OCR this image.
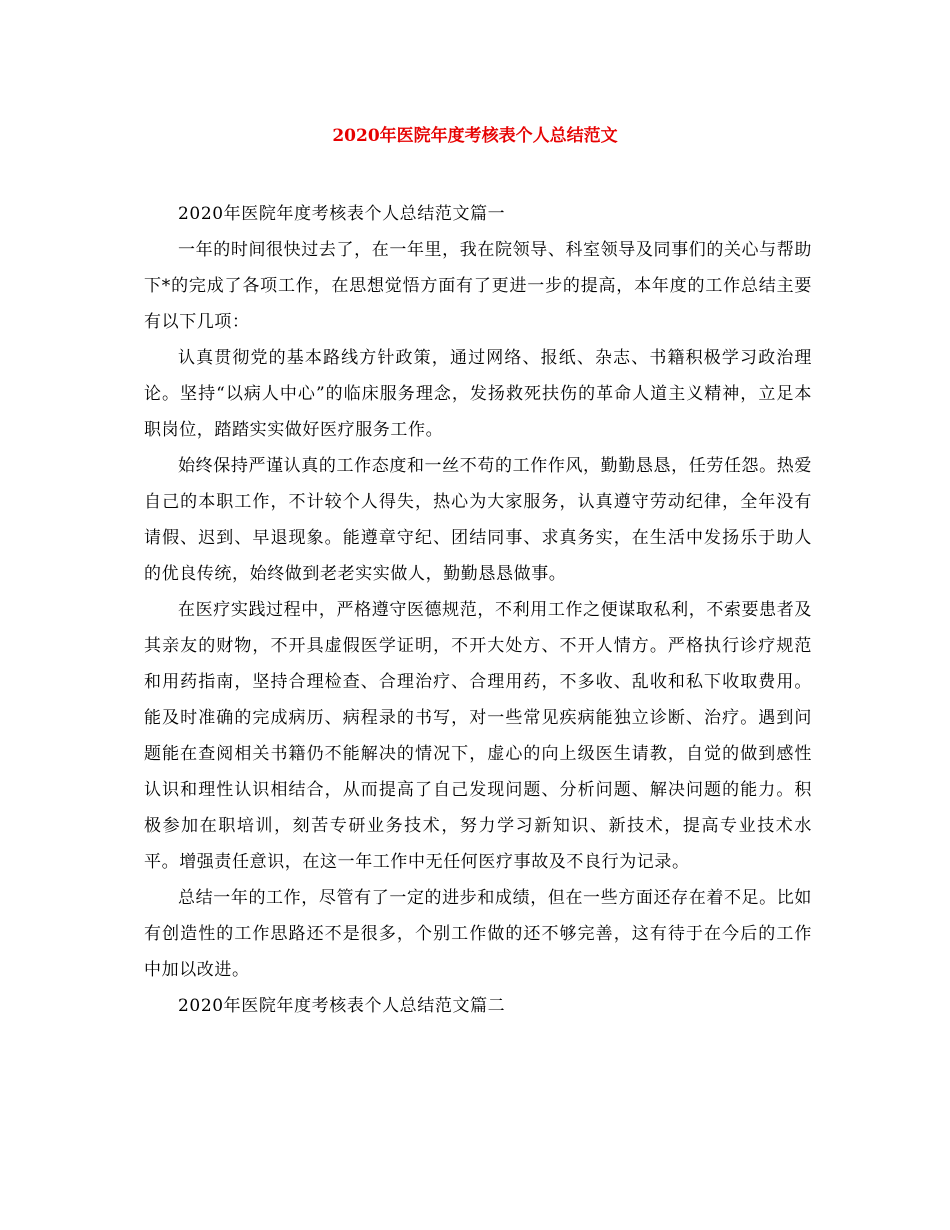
2020年医院年度考核表个人总结范文

2020年医院年度考核表个人总结范文篇一

一年的时间很快过去了，在一年里，我在院领导、科室领导及同事们的关心与帮助下*的完成了各项工作，在思想觉悟方面有了更进一步的提高，本年度的工作总结主要有以下几项：

认真贯彻党的基本路线方针政策，通过网络、报纸、杂志、书籍积极学习政治理论。坚持“以病人中心”的临床服务理念，发扬救死扶伤的革命人道主义精神，立足本职岗位，踏踏实实做好医疗服务工作。

始终保持严谨认真的工作态度和一丝不苟的工作作风，勤勤恳恳，任劳任怨。热爱自己的本职工作，不计较个人得失，热心为大家服务，认真遵守劳动纪律，全年没有请假、迟到、早退现象。能遵章守纪、团结同事、求真务实，在生活中发扬乐于助人的优良传统，始终做到老老实实做人，勤勤恳恳做事。

在医疗实践过程中，严格遵守医德规范，不利用工作之便谋取私利，不索要患者及其亲友的财物，不开具虚假医学证明，不开大处方、不开人情方。严格执行诊疗规范和用药指南，坚持合理检查、合理治疗、合理用药，不多收、乱收和私下收取费用。能及时准确的完成病历、病程录的书写，对一些常见疾病能独立诊断、治疗。遇到问题能在查阅相关书籍仍不能解决的情况下，虚心的向上级医生请教，自觉的做到感性认识和理性认识相结合，从而提高了自己发现问题、分析问题、解决问题的能力。积极参加在职培训，刻苦专研业务技术，努力学习新知识、新技术，提高专业技术水平。增强责任意识，在这一年工作中无任何医疗事故及不良行为记录。

总结一年的工作，尽管有了一定的进步和成绩，但在一些方面还存在着不足。比如有创造性的工作思路还不是很多，个别工作做的还不够完善，这有待于在今后的工作中加以改进。

2020年医院年度考核表个人总结范文篇二
